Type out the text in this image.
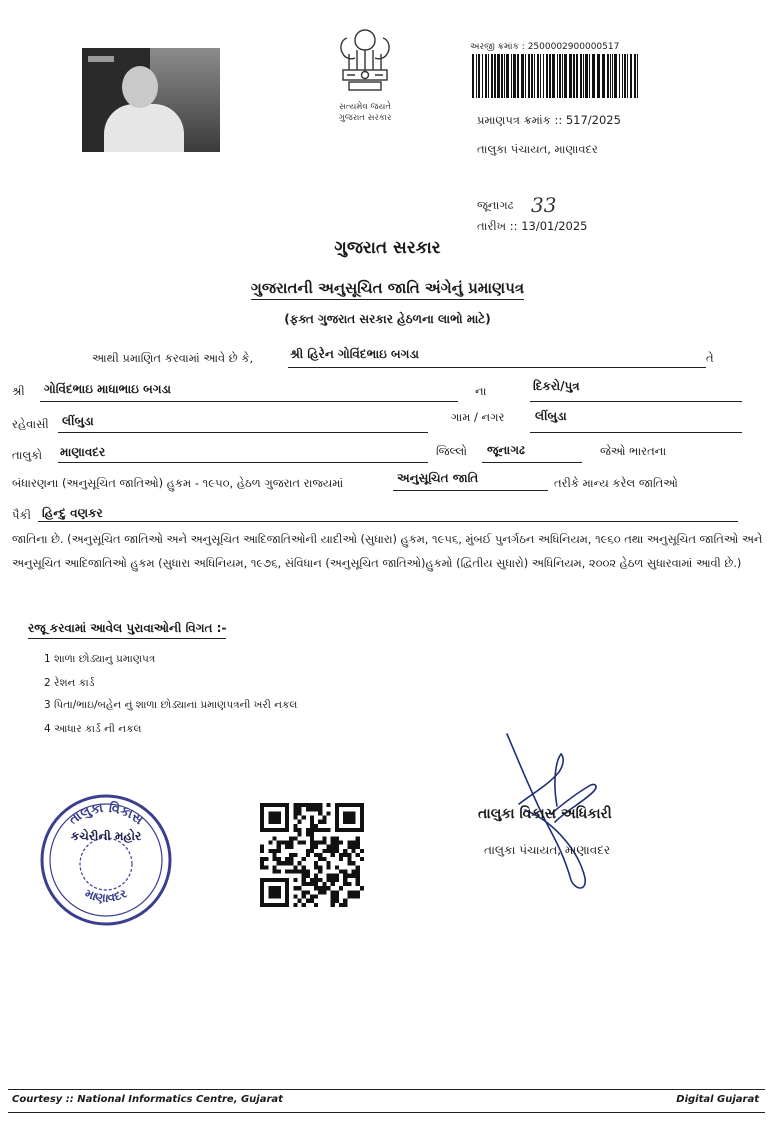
સત્યમેવ જયતે
ગુજરાત સરકાર
અરજી ક્રમાંક : 2500002900000517
પ્રમાણપત્ર ક્રમાંક :: 517/2025
તાલુકા પંચાયત, માણાવદર
જૂનાગઢ 33
તારીખ :: 13/01/2025
ગુજરાત સરકાર
ગુજરાતની અનુસૂચિત જાતિ અંગેનું પ્રમાણપત્ર
(ફક્ત ગુજરાત સરકાર હેઠળના લાભો માટે)
આથી પ્રમાણિત કરવામાં આવે છે કે,	શ્રી હિરેન ગોવિંદભાઇ બગડા	તે
શ્રી ગોવિંદભાઇ માધાભાઇ બગડા	ના	દિકરો/પુત્ર
રહેવાસી લીંબુડા	ગામ / નગર	લીંબુડા
તાલુકો માણાવદર	જિલ્લો જૂનાગઢ	જેઓ ભારતના
બંધારણના (અનુસૂચિત જાતિઓ) હુકમ - ૧૯૫૦, હેઠળ ગુજરાત રાજ્યમાં	અનુસૂચિત જાતિ	તરીકે માન્ય કરેલ જાતિઓ
પૈકી હિન્દુ વણકર
જાતિના છે. (અનુસૂચિત જાતિઓ અને અનુસૂચિત આદિજાતિઓની યાદીઓ (સુધારા) હુકમ, ૧૯૫૬, મુંબઈ પુનર્ગઠન અધિનિયમ, ૧૯૬૦ તથા અનુસૂચિત જાતિઓ અને અનુસૂચિત આદિજાતિઓ હુકમ (સુધારા અધિનિયમ, ૧૯૭૬, સંવિધાન (અનુસૂચિત જાતિઓ)હુકમો (દ્વિતીય સુધારો) અધિનિયમ, ૨૦૦૨ હેઠળ સુધારવામાં આવી છે.)
રજૂ કરવામાં આવેલ પુરાવાઓની વિગત :-
1 શાળા છોડ્યાનુ પ્રમાણપત્ર
2 રેશન કાર્ડ
3 પિતા/ભાઇ/બહેન નું શાળા છોડ્યાનાં પ્રમાણપત્રની ખરી નકલ
4 આધાર કાર્ડ ની નકલ
તાલુકા વિકાસ
કચેરીની મહોર
માણાવદર
તાલુકા વિકાસ અધિકારી
તાલુકા પંચાયત, માણાવદર
Courtesy :: National Informatics Centre, Gujarat	Digital Gujarat
